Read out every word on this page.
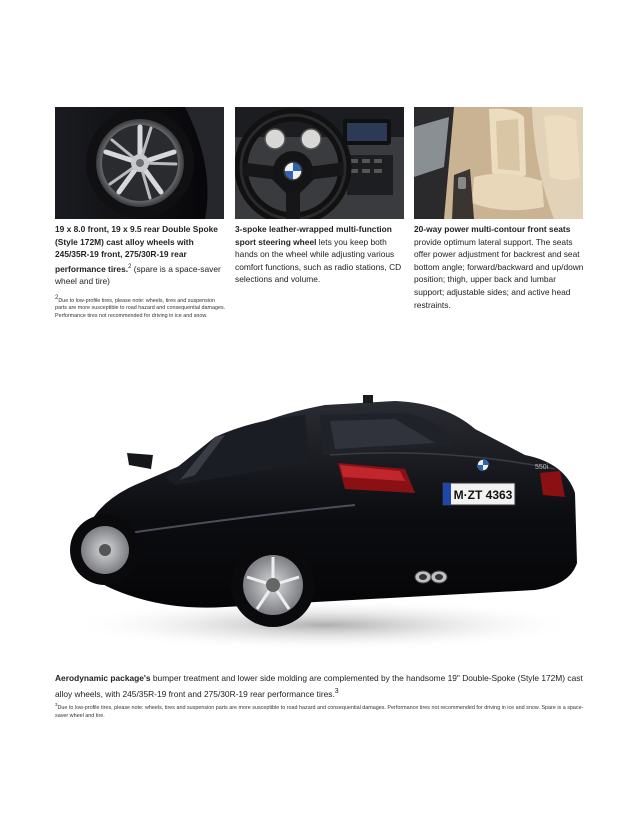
19 x 8.0 front, 19 x 9.5 rear Double Spoke (Style 172M) cast alloy wheels with 245/35R-19 front, 275/30R-19 rear performance tires.$^2$ (spare is a space-saver wheel and tire)
$^2$Due to low-profile tires, please note: wheels, tires and suspension parts are more susceptible to road hazard and consequential damages. Performance tires not recommended for driving in ice and snow.
3-spoke leather-wrapped multi-function sport steering wheel lets you keep both hands on the wheel while adjusting various comfort functions, such as radio stations, CD selections and volume.
20-way power multi-contour front seats provide optimum lateral support. The seats offer power adjustment for backrest and seat bottom angle; forward/backward and up/down position; thigh, upper back and lumbar support; adjustable sides; and active head restraints.
M·ZT 4363
550i
Aerodynamic package's bumper treatment and lower side molding are complemented by the handsome 19" Double-Spoke (Style 172M) cast alloy wheels, with 245/35R-19 front and 275/30R-19 rear performance tires.$^3$
$^3$Due to low-profile tires, please note: wheels, tires and suspension parts are more susceptible to road hazard and consequential damages. Performance tires not recommended for driving in ice and snow. Spare is a space-saver wheel and tire.
